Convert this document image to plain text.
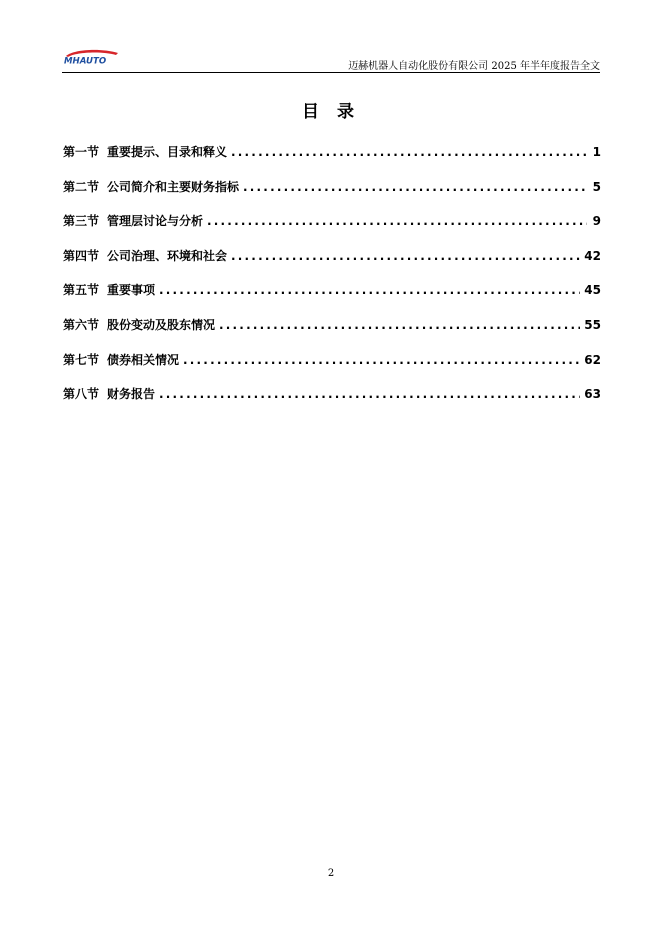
MHAUTO	迈赫机器人自动化股份有限公司 2025 年半年度报告全文
目 录
第一节 重要提示、目录和释义 .....	1
第二节 公司简介和主要财务指标 .....	5
第三节 管理层讨论与分析 .....	9
第四节 公司治理、环境和社会 .....	42
第五节 重要事项 .....	45
第六节 股份变动及股东情况 .....	55
第七节 债券相关情况 .....	62
第八节 财务报告 .....	63
2
